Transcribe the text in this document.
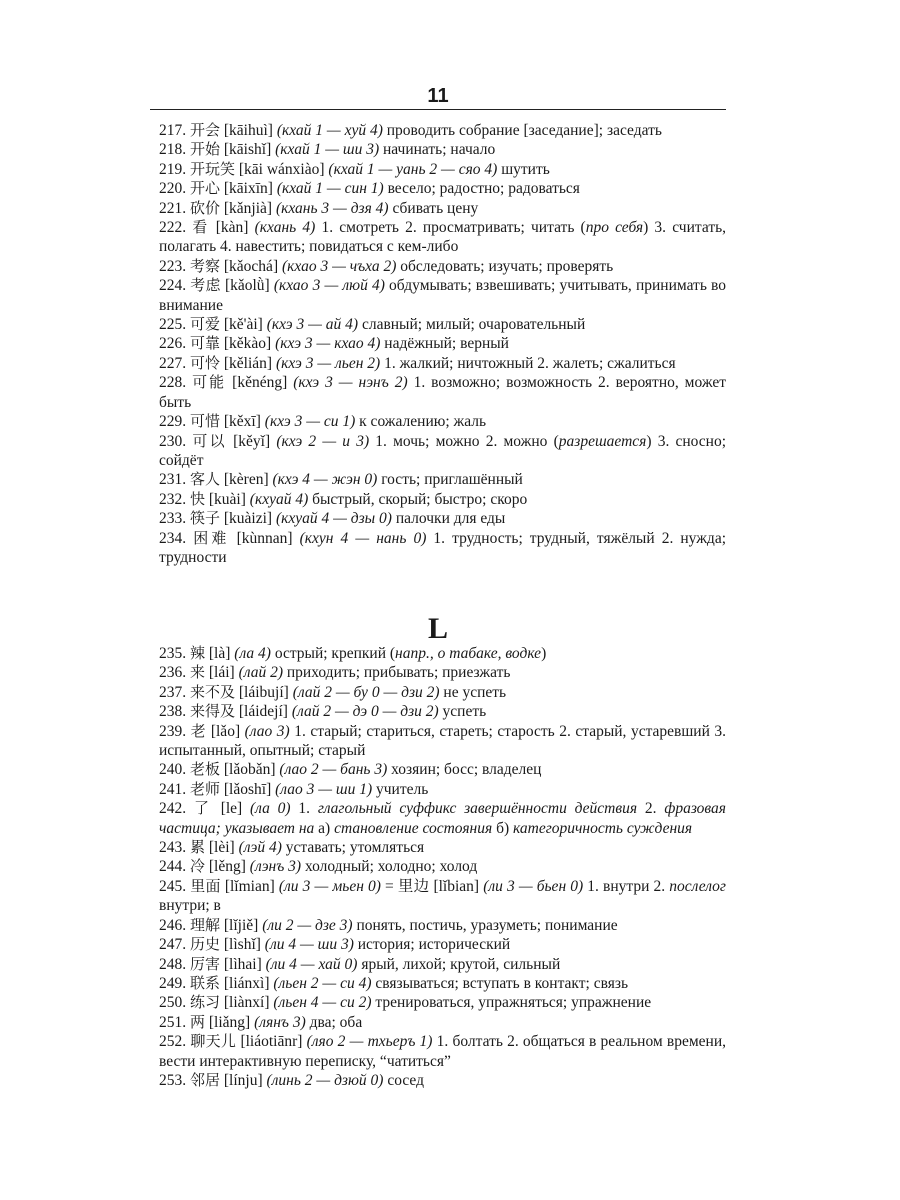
11

217. 开会 [kāihuì] (кхай 1 — хуй 4) проводить собрание [заседание]; заседать

218. 开始 [kāishǐ] (кхай 1 — ши 3) начинать; начало

219. 开玩笑 [kāi wánxiào] (кхай 1 — уань 2 — сяо 4) шутить

220. 开心 [kāixīn] (кхай 1 — син 1) весело; радостно; радоваться

221. 砍价 [kǎnjià] (кхань 3 — дзя 4) сбивать цену

222. 看 [kàn] (кхань 4) 1. смотреть 2. просматривать; читать (про себя) 3. считать, полагать 4. навестить; повидаться с кем-либо

223. 考察 [kǎochá] (кхао 3 — чъха 2) обследовать; изучать; проверять

224. 考虑 [kǎolǜ] (кхао 3 — люй 4) обдумывать; взвешивать; учитывать, принимать во внимание

225. 可爱 [kě'ài] (кхэ 3 — ай 4) славный; милый; очаровательный

226. 可靠 [kěkào] (кхэ 3 — кхао 4) надёжный; верный

227. 可怜 [kělián] (кхэ 3 — льен 2) 1. жалкий; ничтожный 2. жалеть; сжалиться

228. 可能 [kěnéng] (кхэ 3 — нэнъ 2) 1. возможно; возможность 2. вероятно, может быть

229. 可惜 [kěxī] (кхэ 3 — си 1) к сожалению; жаль

230. 可以 [kěyǐ] (кхэ 2 — и 3) 1. мочь; можно 2. можно (разрешается) 3. сносно; сойдёт

231. 客人 [kèren] (кхэ 4 — жэн 0) гость; приглашённый

232. 快 [kuài] (кхуай 4) быстрый, скорый; быстро; скоро

233. 筷子 [kuàizi] (кхуай 4 — дзы 0) палочки для еды

234. 困难 [kùnnan] (кхун 4 — нань 0) 1. трудность; трудный, тяжёлый 2. нужда; трудности

L

235. 辣 [là] (ла 4) острый; крепкий (напр., о табаке, водке)

236. 来 [lái] (лай 2) приходить; прибывать; приезжать

237. 来不及 [láibují] (лай 2 — бу 0 — дзи 2) не успеть

238. 来得及 [láidejí] (лай 2 — дэ 0 — дзи 2) успеть

239. 老 [lǎo] (лао 3) 1. старый; стариться, стареть; старость 2. старый, устаревший 3. испытанный, опытный; старый

240. 老板 [lǎobǎn] (лао 2 — бань 3) хозяин; босс; владелец

241. 老师 [lǎoshī] (лао 3 — ши 1) учитель

242. 了 [le] (ла 0) 1. глагольный суффикс завершённости действия 2. фразовая частица; указывает на а) становление состояния б) категоричность суждения

243. 累 [lèi] (лэй 4) уставать; утомляться

244. 冷 [lěng] (лэнъ 3) холодный; холодно; холод

245. 里面 [lǐmian] (ли 3 — мьен 0) = 里边 [lǐbian] (ли 3 — бьен 0) 1. внутри 2. послелог внутри; в

246. 理解 [lǐjiě] (ли 2 — дзе 3) понять, постичь, уразуметь; понимание

247. 历史 [lìshǐ] (ли 4 — ши 3) история; исторический

248. 厉害 [lìhai] (ли 4 — хай 0) ярый, лихой; крутой, сильный

249. 联系 [liánxì] (льен 2 — си 4) связываться; вступать в контакт; связь

250. 练习 [liànxí] (льен 4 — си 2) тренироваться, упражняться; упражнение

251. 两 [liǎng] (лянъ 3) два; оба

252. 聊天儿 [liáotiānr] (ляо 2 — тхьеръ 1) 1. болтать 2. общаться в реальном времени, вести интерактивную переписку, “чатиться”

253. 邻居 [línju] (линь 2 — дзюй 0) сосед
